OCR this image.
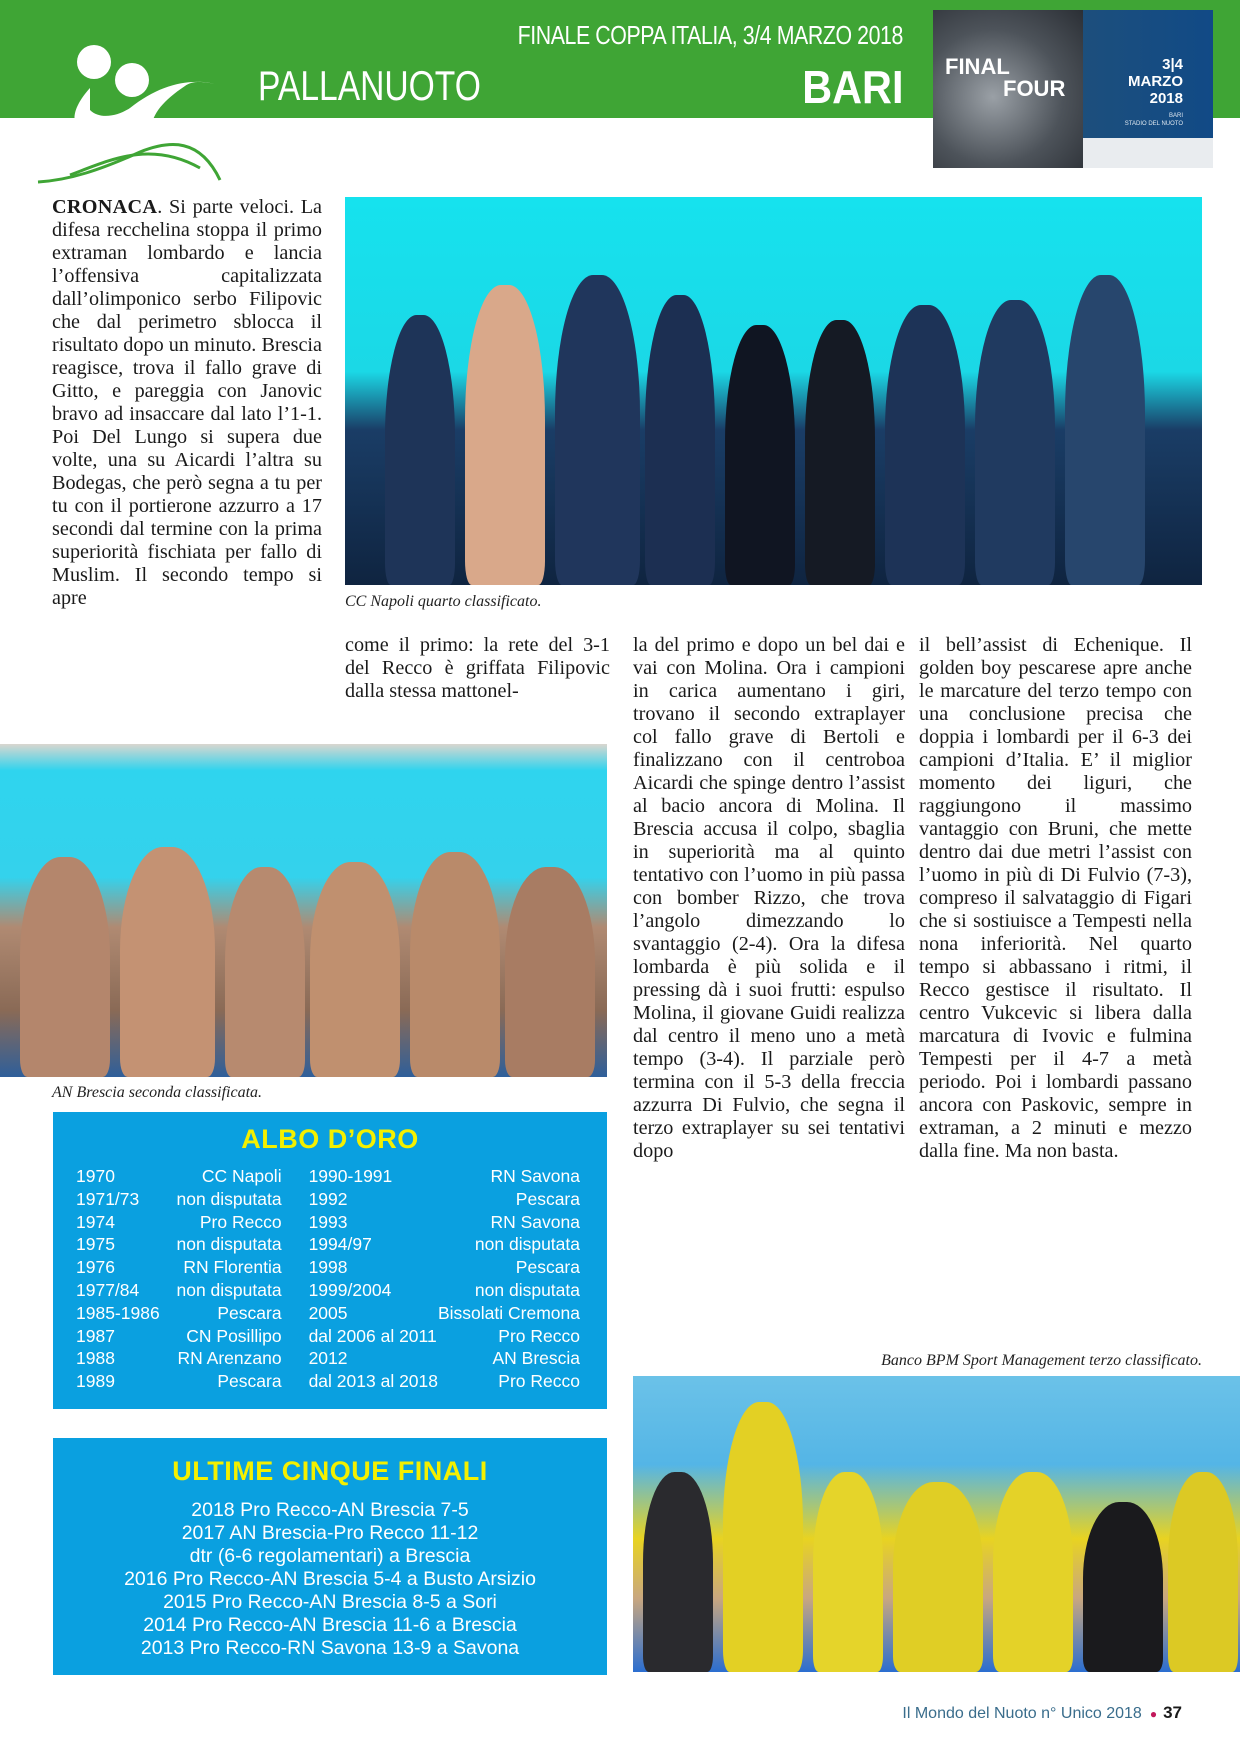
FINALE COPPA ITALIA, 3/4 MARZO 2018
PALLANUOTO	BARI FINAL
FOUR
3|4
MARZO
2018
BARI
STADIO DEL NUOTO
CC Napoli quarto classificato.
AN Brescia seconda classificata.
Banco BPM Sport Management terzo classificato.

CRONACA. Si parte veloci. La difesa recchelina stoppa il primo extraman lombardo e lancia l’offensiva capitalizzata dall’olimponico serbo Filipovic che dal perimetro sblocca il risultato dopo un minuto. Brescia reagisce, trova il fallo grave di Gitto, e pareggia con Janovic bravo ad insaccare dal lato l’1-1. Poi Del Lungo si supera due volte, una su Aicardi l’altra su Bodegas, che però segna a tu per tu con il portierone azzurro a 17 secondi dal termine con la prima superiorità fischiata per fallo di Muslim. Il secondo tempo si apre

come il primo: la rete del 3-1 del Recco è griffata Filipovic dalla stessa mattonel-

la del primo e dopo un bel dai e vai con Molina. Ora i campioni in carica aumentano i giri, trovano il secondo extraplayer col fallo grave di Bertoli e finalizzano con il centroboa Aicardi che spinge dentro l’assist al bacio ancora di Molina. Il Brescia accusa il colpo, sbaglia in superiorità ma al quinto tentativo con l’uomo in più passa con bomber Rizzo, che trova l’angolo dimezzando lo svantaggio (2-4). Ora la difesa lombarda è più solida e il pressing dà i suoi frutti: espulso Molina, il giovane Guidi realizza dal centro il meno uno a metà tempo (3-4). Il parziale però termina con il 5-3 della freccia azzurra Di Fulvio, che segna il terzo extraplayer su sei tentativi dopo

il bell’assist di Echenique. Il golden boy pescarese apre anche le marcature del terzo tempo con una conclusione precisa che doppia i lombardi per il 6-3 dei campioni d’Italia. E’ il miglior momento dei liguri, che raggiungono il massimo vantaggio con Bruni, che mette dentro dai due metri l’assist con l’uomo in più di Di Fulvio (7-3), compreso il salvataggio di Figari che si sostiuisce a Tempesti nella nona inferiorità. Nel quarto tempo si abbassano i ritmi, il Recco gestisce il risultato. Il centro Vukcevic si libera dalla marcatura di Ivovic e fulmina Tempesti per il 4-7 a metà periodo. Poi i lombardi passano ancora con Paskovic, sempre in extraman, a 2 minuti e mezzo dalla fine. Ma non basta.

ALBO D’ORO
1970	CC Napoli	1990-1991	RN Savona
1971/73	non disputata	1992	Pescara
1974	Pro Recco	1993	RN Savona
1975	non disputata	1994/97	non disputata
1976	RN Florentia	1998	Pescara
1977/84	non disputata	1999/2004	non disputata
1985-1986	Pescara	2005	Bissolati Cremona
1987	CN Posillipo	dal 2006 al 2011	Pro Recco
1988	RN Arenzano	2012	AN Brescia
1989	Pescara	dal 2013 al 2018	Pro Recco
ULTIME CINQUE FINALI
2018 Pro Recco-AN Brescia 7-5
2017 AN Brescia-Pro Recco 11-12
dtr (6-6 regolamentari) a Brescia
2016 Pro Recco-AN Brescia 5-4 a Busto Arsizio
2015 Pro Recco-AN Brescia 8-5 a Sori
2014 Pro Recco-AN Brescia 11-6 a Brescia
2013 Pro Recco-RN Savona 13-9 a Savona
Il Mondo del Nuoto n° Unico 2018 ● 37
